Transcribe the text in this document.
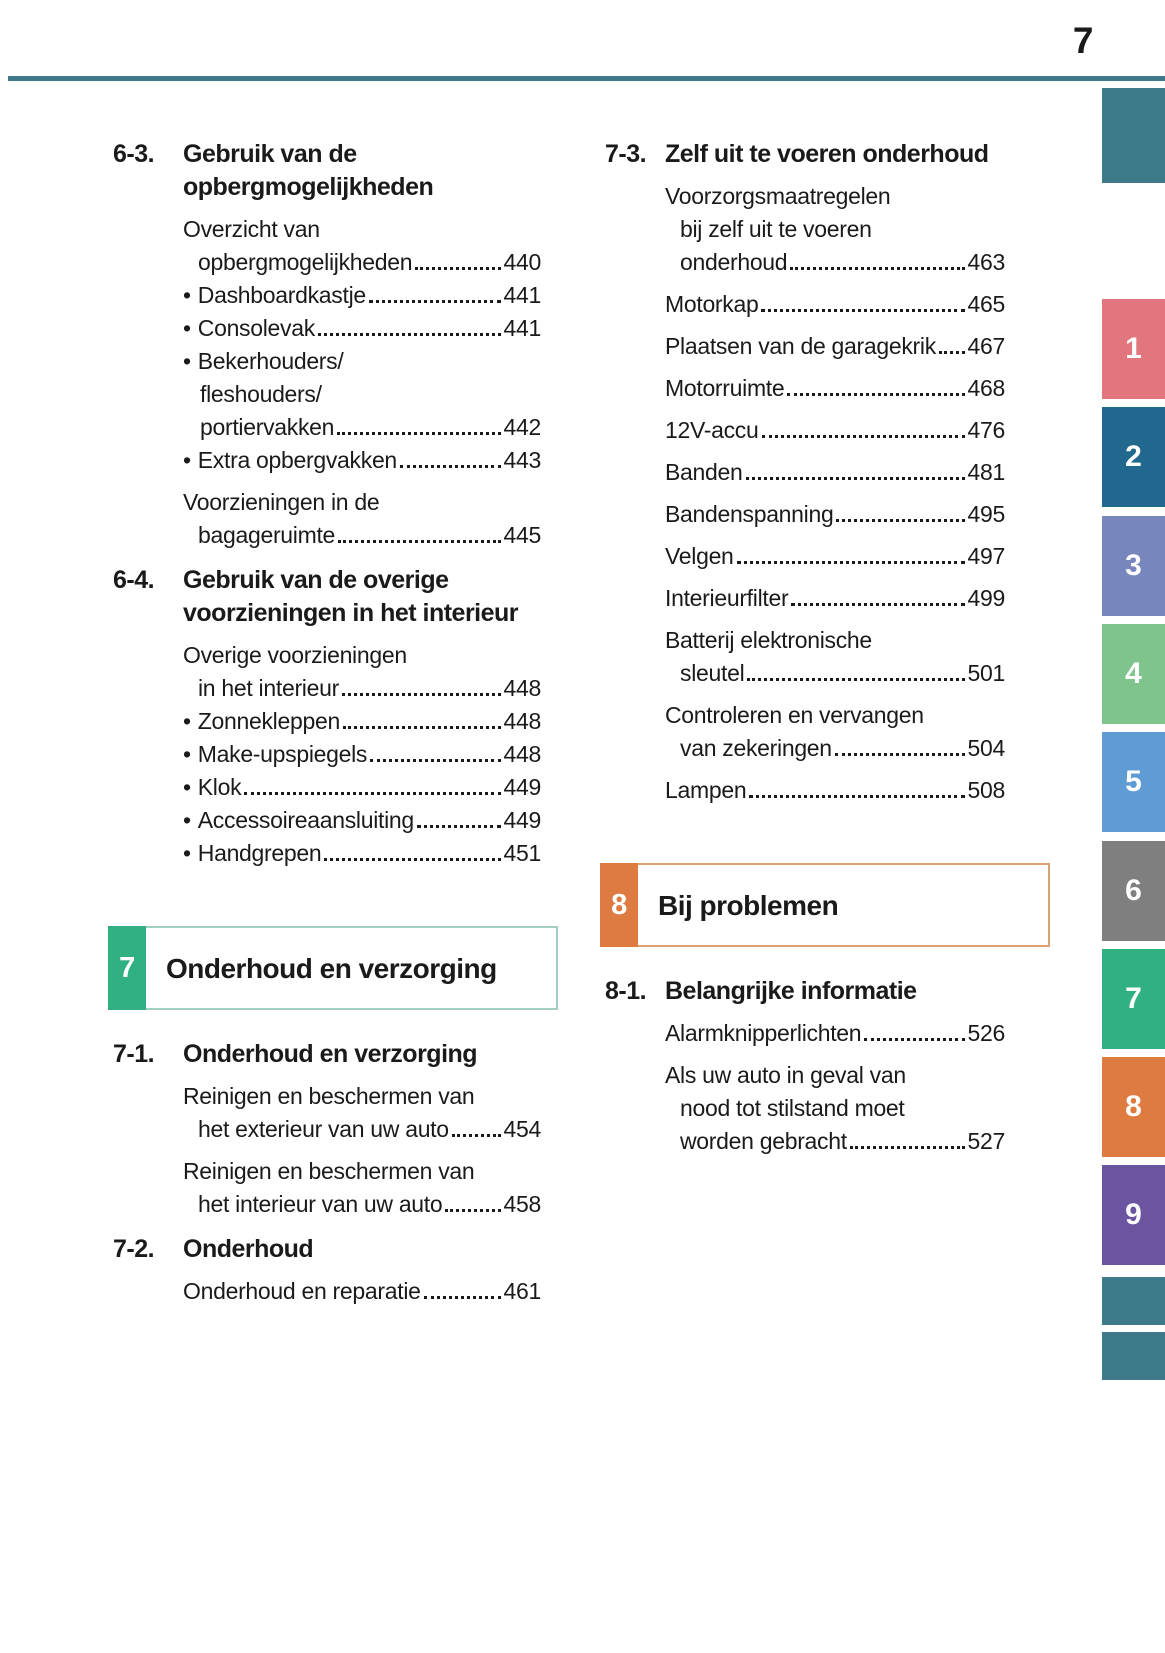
7
6-3.	Gebruik van de
opbergmogelijkheden
Overzicht van
opbergmogelijkheden	440
• Dashboardkastje	441
• Consolevak	441
• Bekerhouders/
fleshouders/
portiervakken	442
• Extra opbergvakken	443
Voorzieningen in de
bagageruimte	445
6-4.	Gebruik van de overige
voorzieningen in het interieur
Overige voorzieningen
in het interieur	448
• Zonnekleppen	448
• Make-upspiegels	448
• Klok	449
• Accessoireaansluiting	449
• Handgrepen	451
7	Onderhoud en verzorging
7-1.	Onderhoud en verzorging
Reinigen en beschermen van
het exterieur van uw auto 454
Reinigen en beschermen van
het interieur van uw auto	458
7-2.	Onderhoud
Onderhoud en reparatie	461
7-3. Zelf uit te voeren onderhoud
Voorzorgsmaatregelen
bij zelf uit te voeren
onderhoud	463
Motorkap	465
Plaatsen van de garagekrik 467
Motorruimte	468
12V-accu	476
Banden	481
Bandenspanning	495
Velgen	497
Interieurfilter	499
Batterij elektronische
sleutel	501
Controleren en vervangen
van zekeringen	504
Lampen	508
8	Bij problemen
8-1. Belangrijke informatie
Alarmknipperlichten	526
Als uw auto in geval van
nood tot stilstand moet
worden gebracht	527
1
2
3
4
5
6
7
8
9
